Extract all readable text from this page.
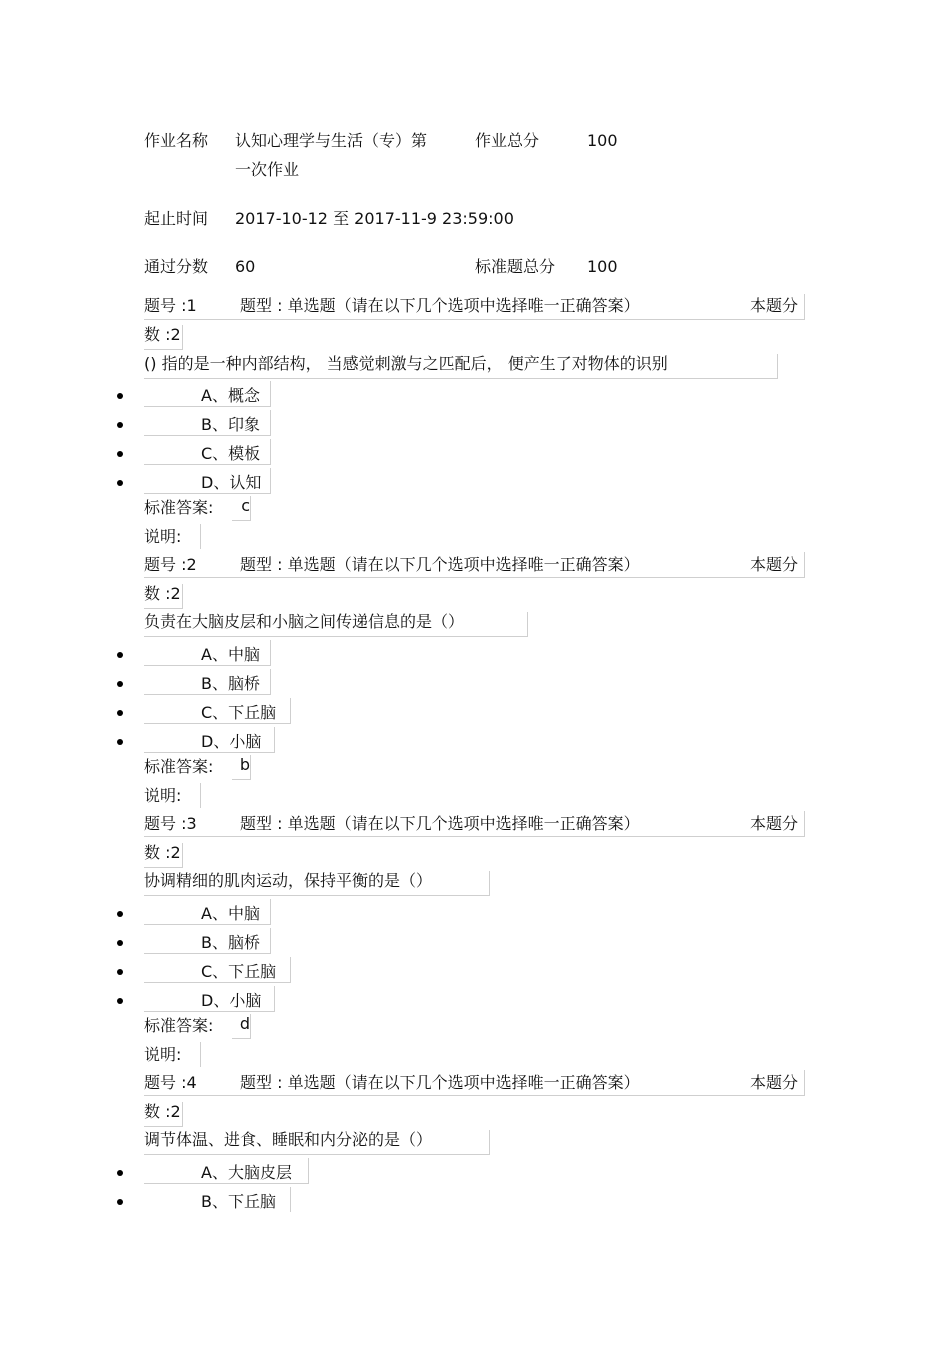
作业名称 认知心理学与生活（专）第
一次作业
作业总分	100
起止时间 2017-10-12 至 2017-11-9 23:59:00
通过分数 60	标准题总分 100
题号 :1	题型 : 单选题（请在以下几个选项中选择唯一正确答案）	本题分
数 :2
() 指的是一种内部结构， 当感觉刺激与之匹配后， 便产生了对物体的识别
A、概念
B、印象
C、模板
D、认知
标准答案:	c
说明:
题号 :2	题型 : 单选题（请在以下几个选项中选择唯一正确答案）	本题分
数 :2
负责在大脑皮层和小脑之间传递信息的是（）
A、中脑
B、脑桥
C、下丘脑
D、小脑
标准答案:	b
说明:
题号 :3	题型 : 单选题（请在以下几个选项中选择唯一正确答案）	本题分
数 :2
协调精细的肌肉运动，保持平衡的是（）
A、中脑
B、脑桥
C、下丘脑
D、小脑
标准答案:	d
说明:
题号 :4	题型 : 单选题（请在以下几个选项中选择唯一正确答案）	本题分
数 :2
调节体温、进食、睡眠和内分泌的是（）
A、大脑皮层
B、下丘脑
